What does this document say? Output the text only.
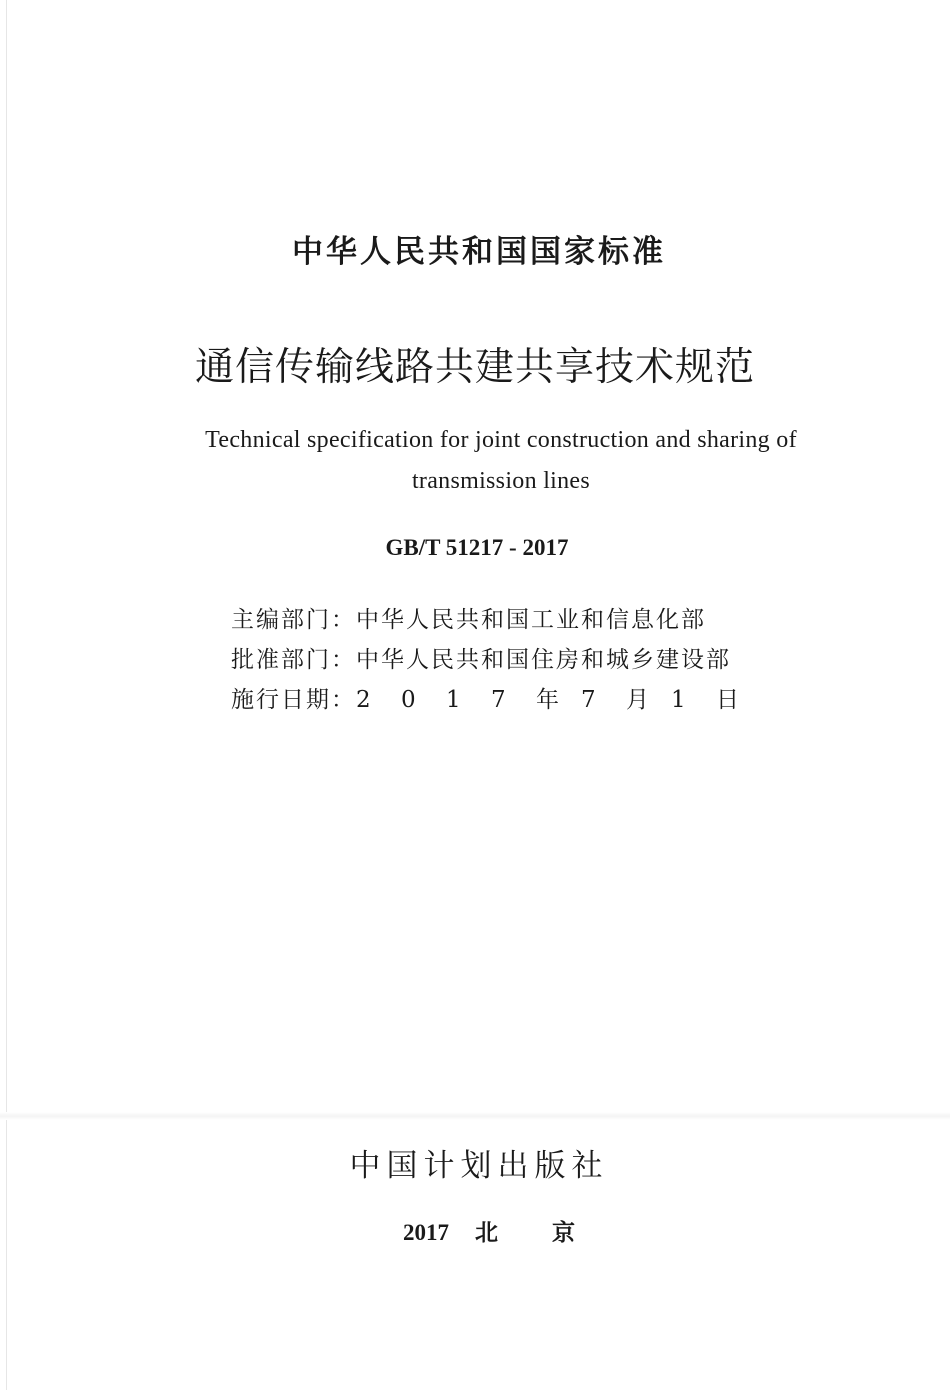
中华人民共和国国家标准
通信传输线路共建共享技术规范
Technical specification for joint construction and sharing of
transmission lines
GB/T 51217 - 2017
主编部门：中华人民共和国工业和信息化部
批准部门：中华人民共和国住房和城乡建设部
施行日期：2 0 1 7 年 7 月 1 日
中国计划出版社
2017 北京
